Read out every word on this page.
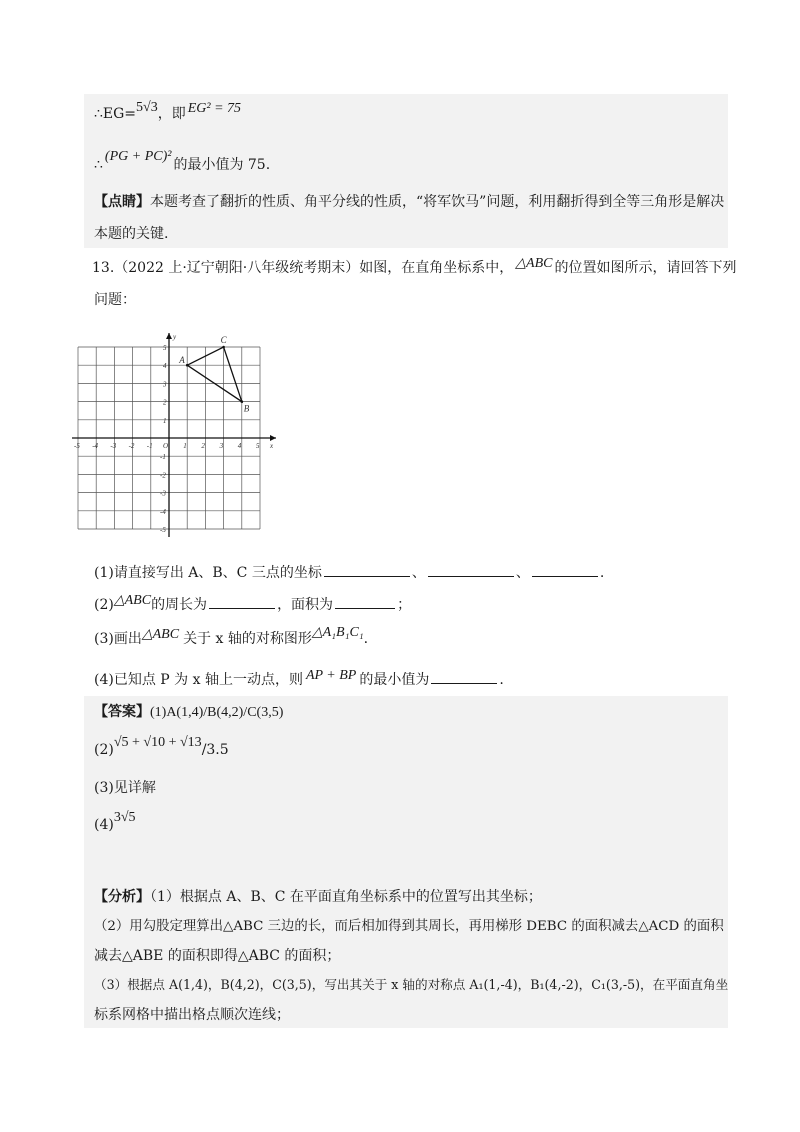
∴EG=5√3，即 EG² = 75
∴(PG + PC)²的最小值为 75.
【点睛】本题考查了翻折的性质、角平分线的性质，“将军饮马”问题，利用翻折得到全等三角形是解决
本题的关键.
13.（2022 上·辽宁朝阳·八年级统考期末）如图，在直角坐标系中， △ABC 的位置如图所示，请回答下列
问题：
x
y
-5 -4 -3 -2 -1 O 1 2 3 4 5
5
4
3
2
1
-1
-2
-3
-4
-5
A
B
C
(1)请直接写出 A、B、C 三点的坐标	、	、	.
(2)△ABC的周长为	，面积为	；
(3)画出△ABC 关于 x 轴的对称图形△A₁B₁C₁.
(4)已知点 P 为 x 轴上一动点，则 AP + BP 的最小值为	.
【答案】(1)A(1,4)/B(4,2)/C(3,5)
(2)√5 + √10 + √13/3.5
(3)见详解
(4)3√5
【分析】（1）根据点 A、B、C 在平面直角坐标系中的位置写出其坐标；
（2）用勾股定理算出△ABC 三边的长，而后相加得到其周长，再用梯形 DEBC 的面积减去△ACD 的面积
减去△ABE 的面积即得△ABC 的面积；
（3）根据点 A(1,4)，B(4,2)，C(3,5)，写出其关于 x 轴的对称点 A₁(1,-4)，B₁(4,-2)，C₁(3,-5)，在平面直角坐
标系网格中描出格点顺次连线；
